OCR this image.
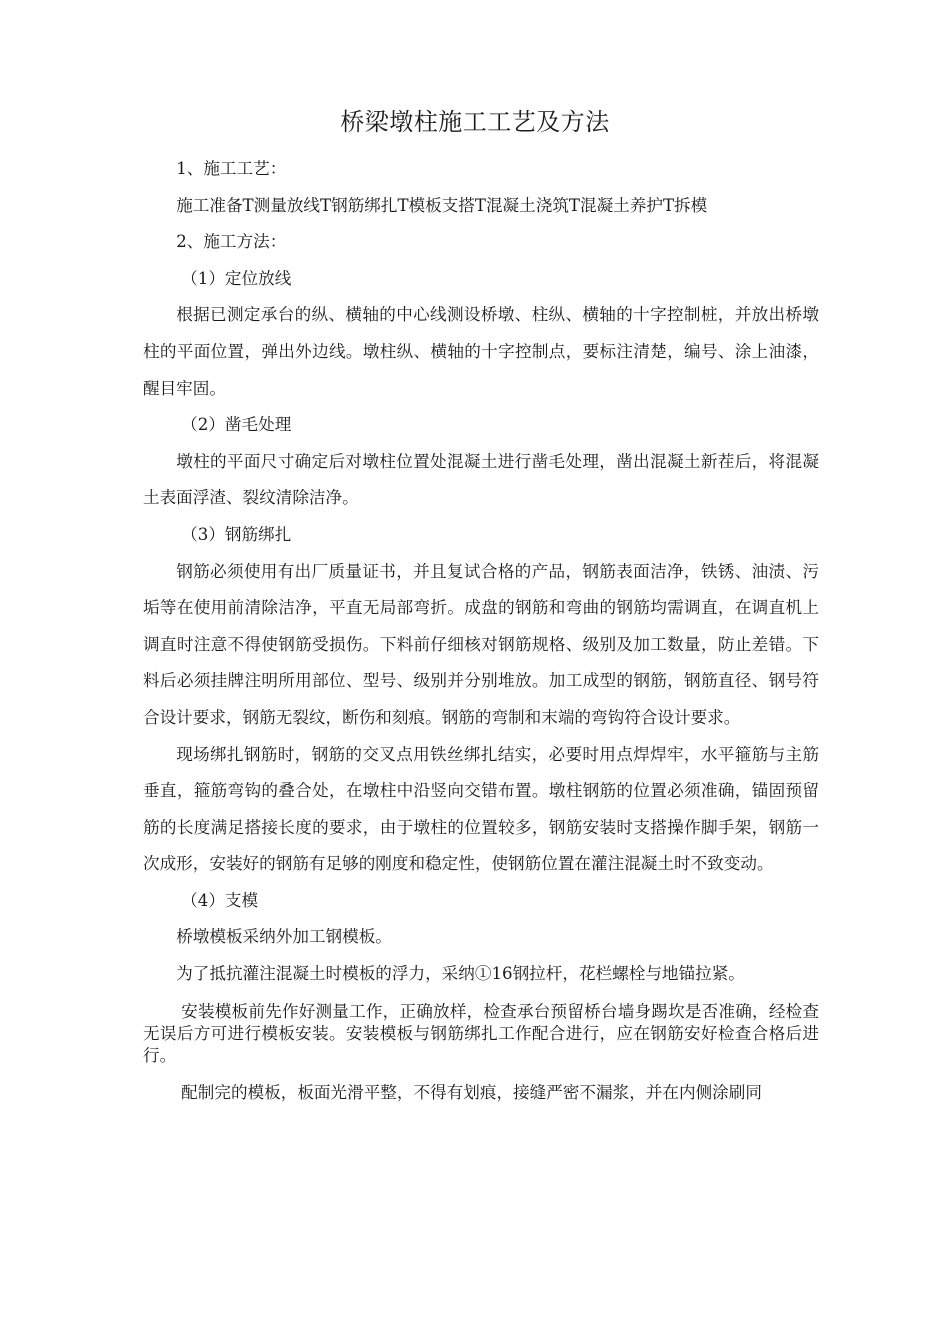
桥梁墩柱施工工艺及方法

1、施工工艺：

施工准备T测量放线T钢筋绑扎T模板支搭T混凝土浇筑T混凝土养护T拆模

2、施工方法：

（1）定位放线

根据已测定承台的纵、横轴的中心线测设桥墩、柱纵、横轴的十字控制桩，并放出桥墩柱的平面位置，弹出外边线。墩柱纵、横轴的十字控制点，要标注清楚，编号、涂上油漆，醒目牢固。

（2）凿毛处理

墩柱的平面尺寸确定后对墩柱位置处混凝土进行凿毛处理，凿出混凝土新茬后，将混凝土表面浮渣、裂纹清除洁净。

（3）钢筋绑扎

钢筋必须使用有出厂质量证书，并且复试合格的产品，钢筋表面洁净，铁锈、油渍、污垢等在使用前清除洁净，平直无局部弯折。成盘的钢筋和弯曲的钢筋均需调直，在调直机上调直时注意不得使钢筋受损伤。下料前仔细核对钢筋规格、级别及加工数量，防止差错。下料后必须挂牌注明所用部位、型号、级别并分别堆放。加工成型的钢筋，钢筋直径、钢号符合设计要求，钢筋无裂纹，断伤和刻痕。钢筋的弯制和末端的弯钩符合设计要求。

现场绑扎钢筋时，钢筋的交叉点用铁丝绑扎结实，必要时用点焊焊牢，水平箍筋与主筋垂直，箍筋弯钩的叠合处，在墩柱中沿竖向交错布置。墩柱钢筋的位置必须准确，锚固预留筋的长度满足搭接长度的要求，由于墩柱的位置较多，钢筋安装时支搭操作脚手架，钢筋一次成形，安装好的钢筋有足够的刚度和稳定性，使钢筋位置在灌注混凝土时不致变动。

（4）支模

桥墩模板采纳外加工钢模板。

为了抵抗灌注混凝土时模板的浮力，采纳①16钢拉杆，花栏螺栓与地锚拉紧。

安装模板前先作好测量工作，正确放样，检查承台预留桥台墙身踢坎是否准确，经检查无误后方可进行模板安装。安装模板与钢筋绑扎工作配合进行，应在钢筋安好检查合格后进行。

配制完的模板，板面光滑平整，不得有划痕，接缝严密不漏浆，并在内侧涂刷同
